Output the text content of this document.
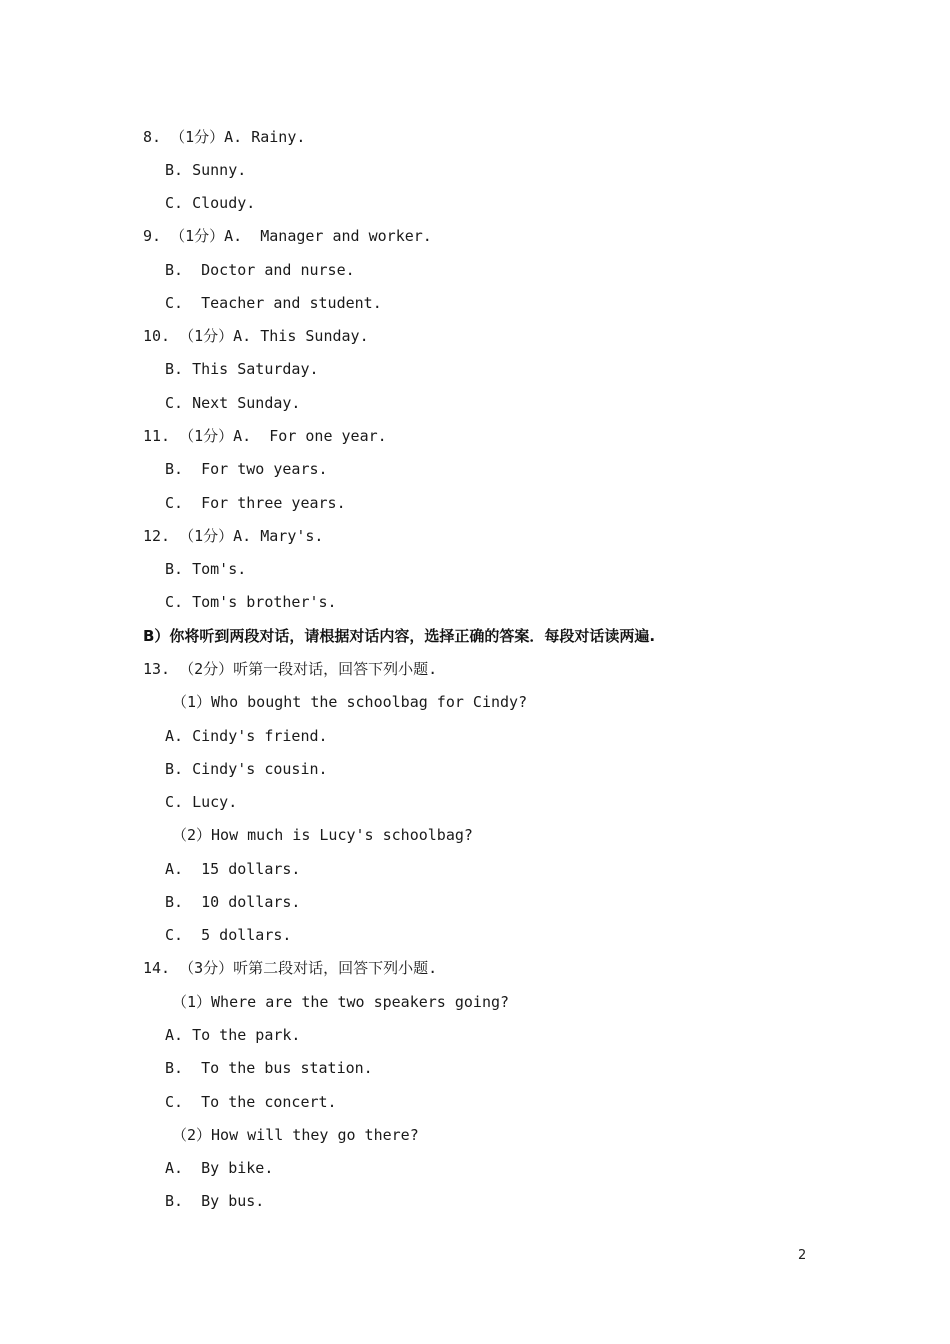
8. （1分）A. Rainy.
B. Sunny.
C. Cloudy.
9. （1分）A.  Manager and worker.
B.  Doctor and nurse.
C.  Teacher and student.
10. （1分）A. This Sunday.
B. This Saturday.
C. Next Sunday.
11. （1分）A.  For one year.
B.  For two years.
C.  For three years.
12. （1分）A. Mary's.
B. Tom's.
C. Tom's brother's.
B）你将听到两段对话，请根据对话内容，选择正确的答案．每段对话读两遍.
13. （2分）听第一段对话，回答下列小题.
（1）Who bought the schoolbag for Cindy?
A. Cindy's friend.
B. Cindy's cousin.
C. Lucy.
（2）How much is Lucy's schoolbag?
A.  15 dollars.
B.  10 dollars.
C.  5 dollars.
14. （3分）听第二段对话，回答下列小题.
（1）Where are the two speakers going?
A. To the park.
B.  To the bus station.
C.  To the concert.
（2）How will they go there?
A.  By bike.
B.  By bus.
2
